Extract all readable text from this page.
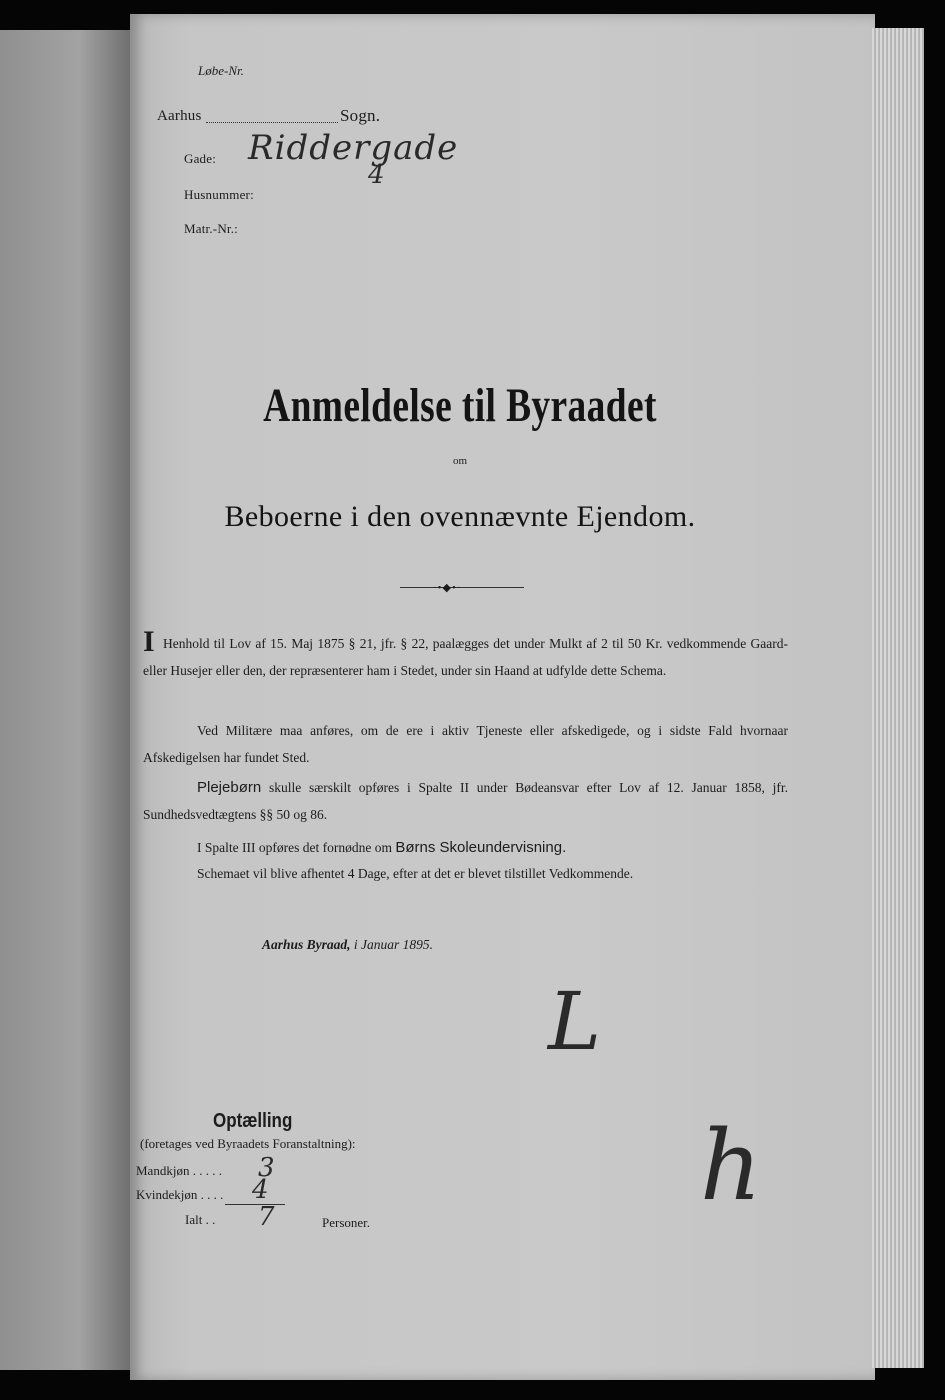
Løbe-Nr.
Aarhus	Sogn.
Gade: Riddergade
Husnummer:
4
Matr.-Nr.:
Anmeldelse til Byraadet
om
Beboerne i den ovennævnte Ejendom.
·•◆•·
I Henhold til Lov af 15. Maj 1875 § 21, jfr. § 22, paalægges det under Mulkt af 2 til 50 Kr. vedkommende Gaard- eller Husejer eller den, der repræsenterer ham i Stedet, under sin Haand at udfylde dette Schema.
Ved Militære maa anføres, om de ere i aktiv Tjeneste eller afskedigede, og i sidste Fald hvornaar Afskedigelsen har fundet Sted.
Plejebørn skulle særskilt opføres i Spalte II under Bødeansvar efter Lov af 12. Januar 1858, jfr. Sundhedsvedtægtens §§ 50 og 86.
I Spalte III opføres det fornødne om Børns Skoleundervisning.
Schemaet vil blive afhentet 4 Dage, efter at det er blevet tilstillet Vedkommende.
Aarhus Byraad, i Januar 1895.
L
h
Optælling
(foretages ved Byraadets Foranstaltning):
Mandkjøn . . . . . 3
Kvindekjøn . . . . 4
Ialt . . 7	Personer.
